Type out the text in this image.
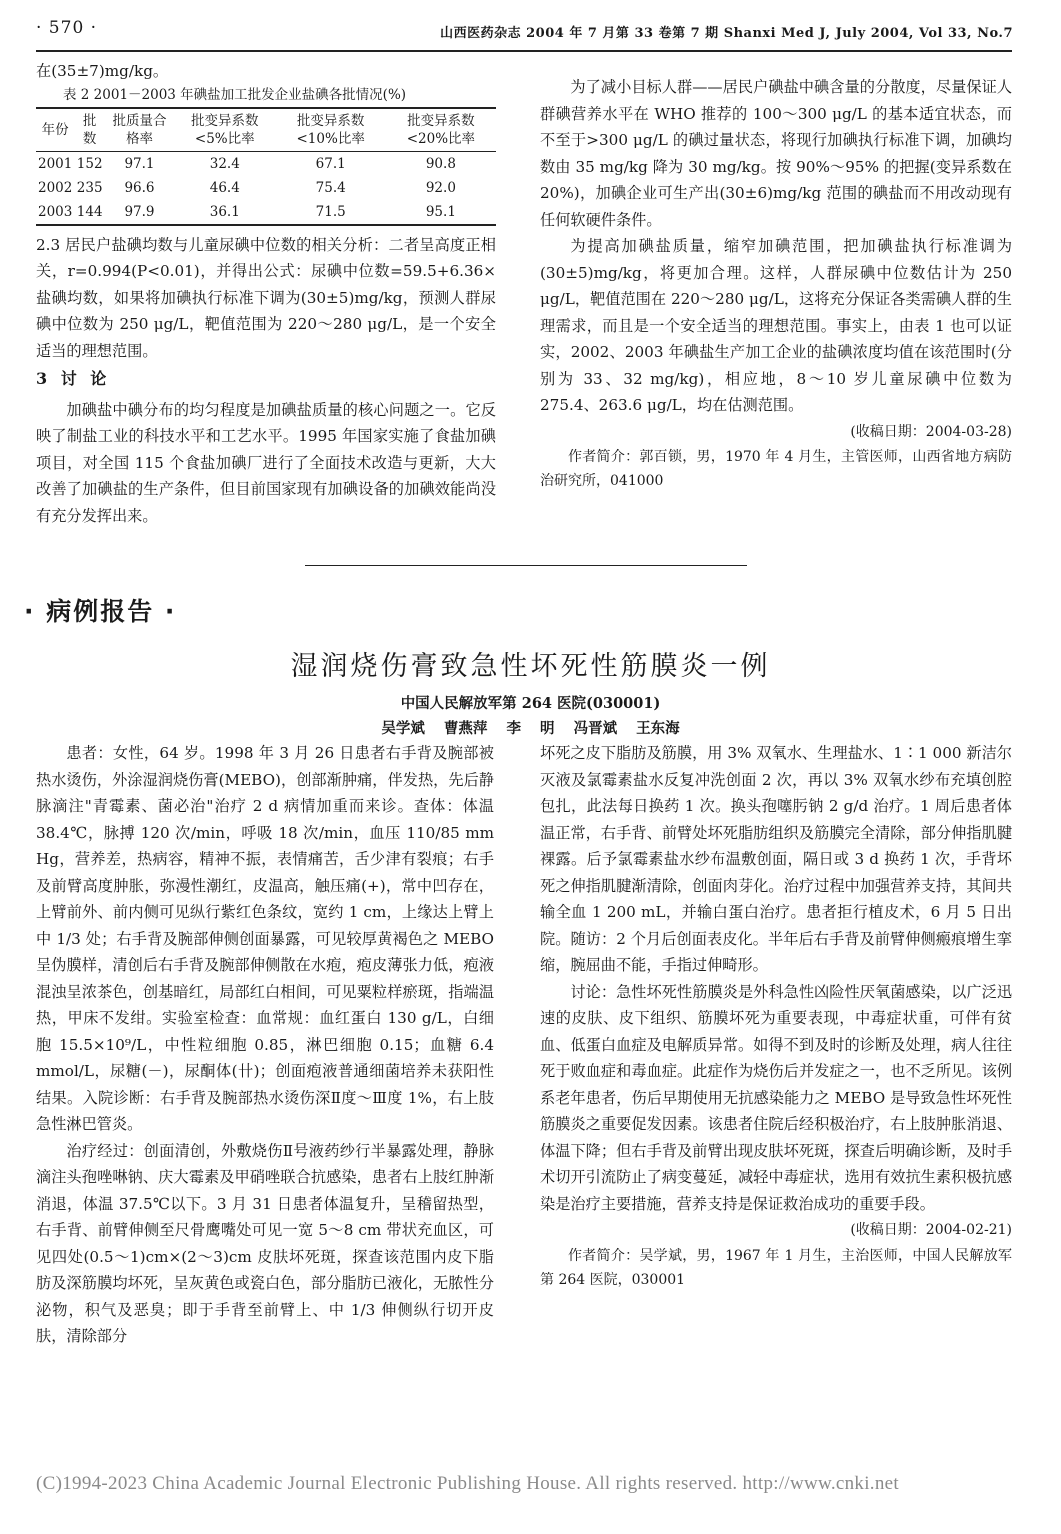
· 570 ·	山西医药杂志 2004 年 7 月第 33 卷第 7 期 Shanxi Med J, July 2004, Vol 33, No.7

在(35±7)mg/kg。

表 2 2001－2003 年碘盐加工批发企业盐碘各批情况(%)

年份	批数	批质量合格率	批变异系数<5%比率	批变异系数<10%比率	批变异系数<20%比率
2001	152	97.1	32.4	67.1	90.8
2002	235	96.6	46.4	75.4	92.0
2003	144	97.9	36.1	71.5	95.1

2.3 居民户盐碘均数与儿童尿碘中位数的相关分析：二者呈高度正相关，r=0.994(P<0.01)，并得出公式：尿碘中位数=59.5+6.36×盐碘均数，如果将加碘执行标准下调为(30±5)mg/kg，预测人群尿碘中位数为 250 μg/L，靶值范围为 220～280 μg/L，是一个安全适当的理想范围。

3 讨 论

加碘盐中碘分布的均匀程度是加碘盐质量的核心问题之一。它反映了制盐工业的科技水平和工艺水平。1995 年国家实施了食盐加碘项目，对全国 115 个食盐加碘厂进行了全面技术改造与更新，大大改善了加碘盐的生产条件，但目前国家现有加碘设备的加碘效能尚没有充分发挥出来。

为了减小目标人群——居民户碘盐中碘含量的分散度，尽量保证人群碘营养水平在 WHO 推荐的 100～300 μg/L 的基本适宜状态，而不至于>300 μg/L 的碘过量状态，将现行加碘执行标准下调，加碘均数由 35 mg/kg 降为 30 mg/kg。按 90%～95% 的把握(变异系数在 20%)，加碘企业可生产出(30±6)mg/kg 范围的碘盐而不用改动现有任何软硬件条件。

为提高加碘盐质量，缩窄加碘范围，把加碘盐执行标准调为(30±5)mg/kg，将更加合理。这样，人群尿碘中位数估计为 250 μg/L，靶值范围在 220～280 μg/L，这将充分保证各类需碘人群的生理需求，而且是一个安全适当的理想范围。事实上，由表 1 也可以证实，2002、2003 年碘盐生产加工企业的盐碘浓度均值在该范围时(分别为 33、32 mg/kg)，相应地，8～10 岁儿童尿碘中位数为 275.4、263.6 μg/L，均在估测范围。

(收稿日期：2004-03-28)

作者简介：郭百锁，男，1970 年 4 月生，主管医师，山西省地方病防治研究所，041000

· 病例报告 ·
湿润烧伤膏致急性坏死性筋膜炎一例
中国人民解放军第 264 医院(030001)
吴学斌 曹燕萍 李 明 冯晋斌 王东海

患者：女性，64 岁。1998 年 3 月 26 日患者右手背及腕部被热水烫伤，外涂湿润烧伤膏(MEBO)，创部渐肿痛，伴发热，先后静脉滴注"青霉素、菌必治"治疗 2 d 病情加重而来诊。查体：体温 38.4℃，脉搏 120 次/min，呼吸 18 次/min，血压 110/85 mm Hg，营养差，热病容，精神不振，表情痛苦，舌少津有裂痕；右手及前臂高度肿胀，弥漫性潮红，皮温高，触压痛(+)，常中凹存在，上臂前外、前内侧可见纵行紫红色条纹，宽约 1 cm，上缘达上臂上中 1/3 处；右手背及腕部伸侧创面暴露，可见较厚黄褐色之 MEBO 呈伪膜样，清创后右手背及腕部伸侧散在水疱，疱皮薄张力低，疱液混浊呈浓茶色，创基暗红，局部红白相间，可见粟粒样瘀斑，指端温热，甲床不发绀。实验室检查：血常规：血红蛋白 130 g/L，白细胞 15.5×10⁹/L，中性粒细胞 0.85，淋巴细胞 0.15；血糖 6.4 mmol/L，尿糖(－)，尿酮体(卄)；创面疱液普通细菌培养未获阳性结果。入院诊断：右手背及腕部热水烫伤深Ⅱ度～Ⅲ度 1%，右上肢急性淋巴管炎。

治疗经过：创面清创，外敷烧伤Ⅱ号液药纱行半暴露处理，静脉滴注头孢唑啉钠、庆大霉素及甲硝唑联合抗感染，患者右上肢红肿渐消退，体温 37.5℃以下。3 月 31 日患者体温复升，呈稽留热型，右手背、前臂伸侧至尺骨鹰嘴处可见一宽 5～8 cm 带状充血区，可见四处(0.5～1)cm×(2～3)cm 皮肤坏死斑，探查该范围内皮下脂肪及深筋膜均坏死，呈灰黄色或瓷白色，部分脂肪已液化，无脓性分泌物，积气及恶臭；即于手背至前臂上、中 1/3 伸侧纵行切开皮肤，清除部分

坏死之皮下脂肪及筋膜，用 3% 双氧水、生理盐水、1∶1 000 新洁尔灭液及氯霉素盐水反复冲洗创面 2 次，再以 3% 双氧水纱布充填创腔包扎，此法每日换药 1 次。换头孢噻肟钠 2 g/d 治疗。1 周后患者体温正常，右手背、前臂处坏死脂肪组织及筋膜完全清除，部分伸指肌腱裸露。后予氯霉素盐水纱布温敷创面，隔日或 3 d 换药 1 次，手背坏死之伸指肌腱渐清除，创面肉芽化。治疗过程中加强营养支持，其间共输全血 1 200 mL，并输白蛋白治疗。患者拒行植皮术，6 月 5 日出院。随访：2 个月后创面表皮化。半年后右手背及前臂伸侧瘢痕增生挛缩，腕屈曲不能，手指过伸畸形。

讨论：急性坏死性筋膜炎是外科急性凶险性厌氧菌感染，以广泛迅速的皮肤、皮下组织、筋膜坏死为重要表现，中毒症状重，可伴有贫血、低蛋白血症及电解质异常。如得不到及时的诊断及处理，病人往往死于败血症和毒血症。此症作为烧伤后并发症之一，也不乏所见。该例系老年患者，伤后早期使用无抗感染能力之 MEBO 是导致急性坏死性筋膜炎之重要促发因素。该患者住院后经积极治疗，右上肢肿胀消退、体温下降；但右手背及前臂出现皮肤坏死斑，探查后明确诊断，及时手术切开引流防止了病变蔓延，减轻中毒症状，选用有效抗生素积极抗感染是治疗主要措施，营养支持是保证救治成功的重要手段。

(收稿日期：2004-02-21)

作者简介：吴学斌，男，1967 年 1 月生，主治医师，中国人民解放军第 264 医院，030001

(C)1994-2023 China Academic Journal Electronic Publishing House. All rights reserved. http://www.cnki.net
